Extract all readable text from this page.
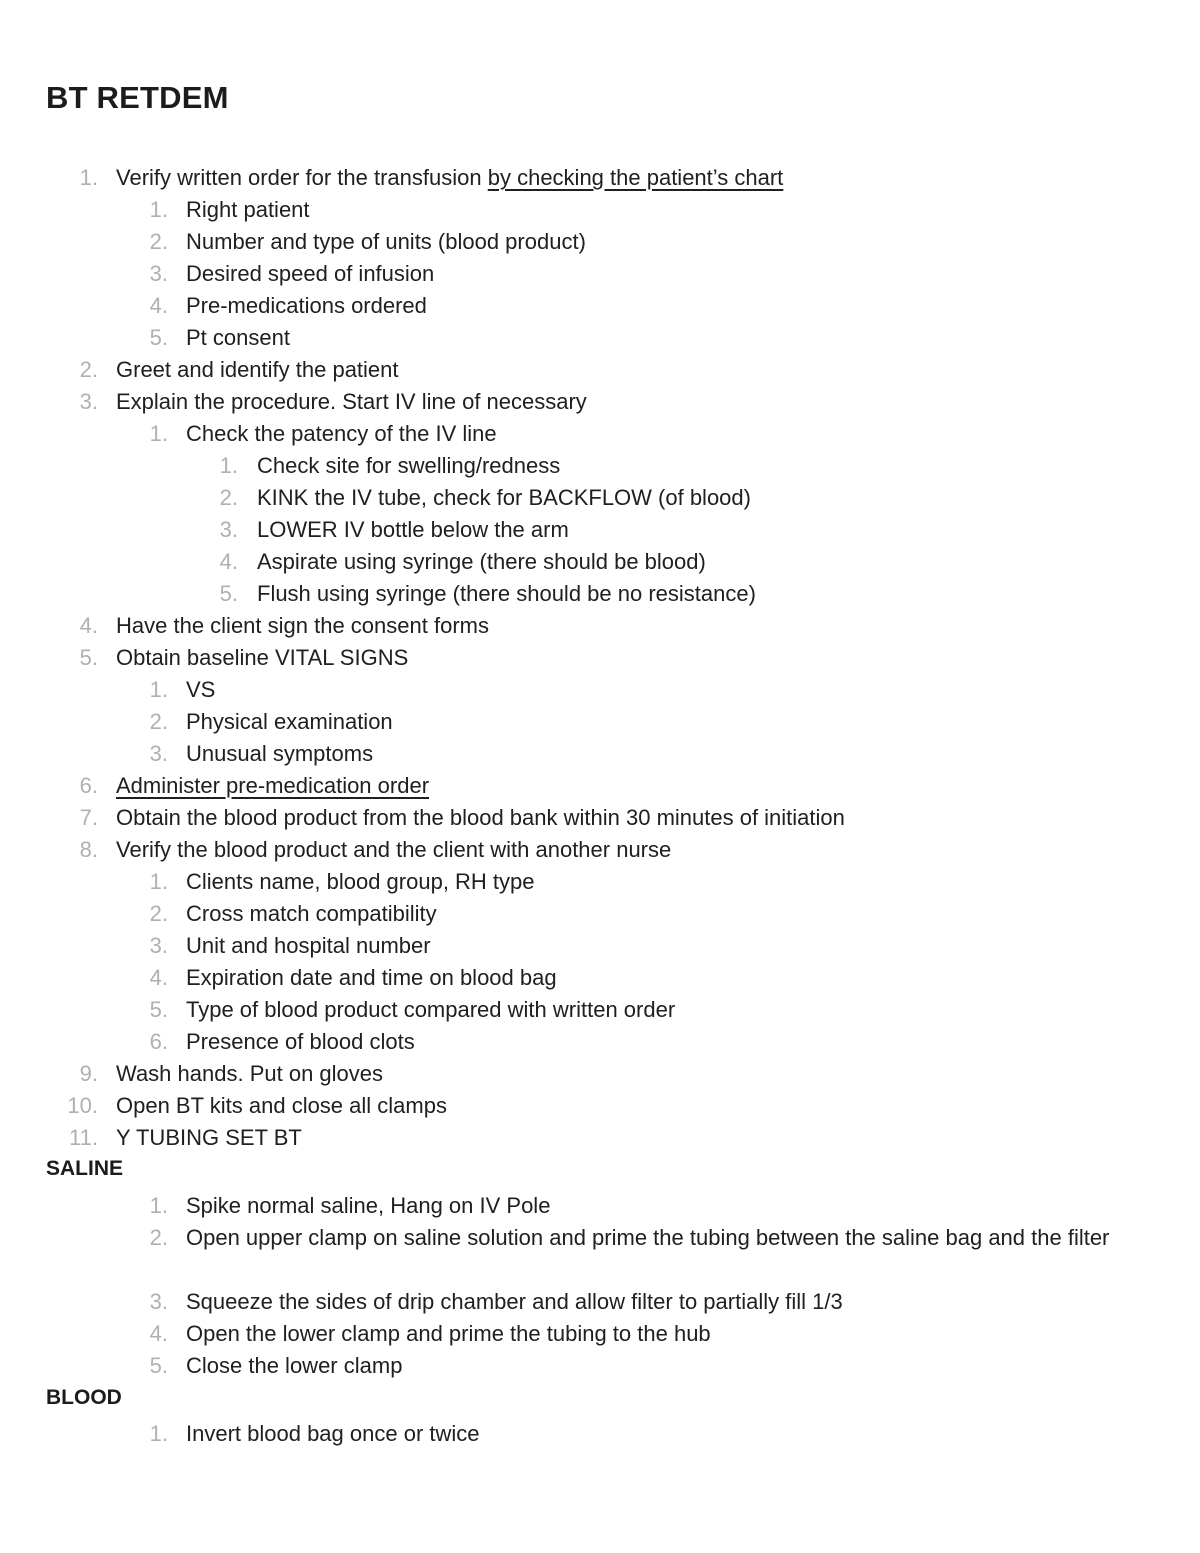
BT RETDEM
1. Verify written order for the transfusion by checking the patient’s chart
1. Right patient
2. Number and type of units (blood product)
3. Desired speed of infusion
4. Pre-medications ordered
5. Pt consent
2. Greet and identify the patient
3. Explain the procedure. Start IV line of necessary
1. Check the patency of the IV line
1. Check site for swelling/redness
2. KINK the IV tube, check for BACKFLOW (of blood)
3. LOWER IV bottle below the arm
4. Aspirate using syringe (there should be blood)
5. Flush using syringe (there should be no resistance)
4. Have the client sign the consent forms
5. Obtain baseline VITAL SIGNS
1. VS
2. Physical examination
3. Unusual symptoms
6. Administer pre-medication order
7. Obtain the blood product from the blood bank within 30 minutes of initiation
8. Verify the blood product and the client with another nurse
1. Clients name, blood group, RH type
2. Cross match compatibility
3. Unit and hospital number
4. Expiration date and time on blood bag
5. Type of blood product compared with written order
6. Presence of blood clots
9. Wash hands. Put on gloves
10. Open BT kits and close all clamps
11. Y TUBING SET BT
SALINE
1. Spike normal saline, Hang on IV Pole
2. Open upper clamp on saline solution and prime the tubing between the saline bag and the filter
3. Squeeze the sides of drip chamber and allow filter to partially fill 1/3
4. Open the lower clamp and prime the tubing to the hub
5. Close the lower clamp
BLOOD
1. Invert blood bag once or twice
